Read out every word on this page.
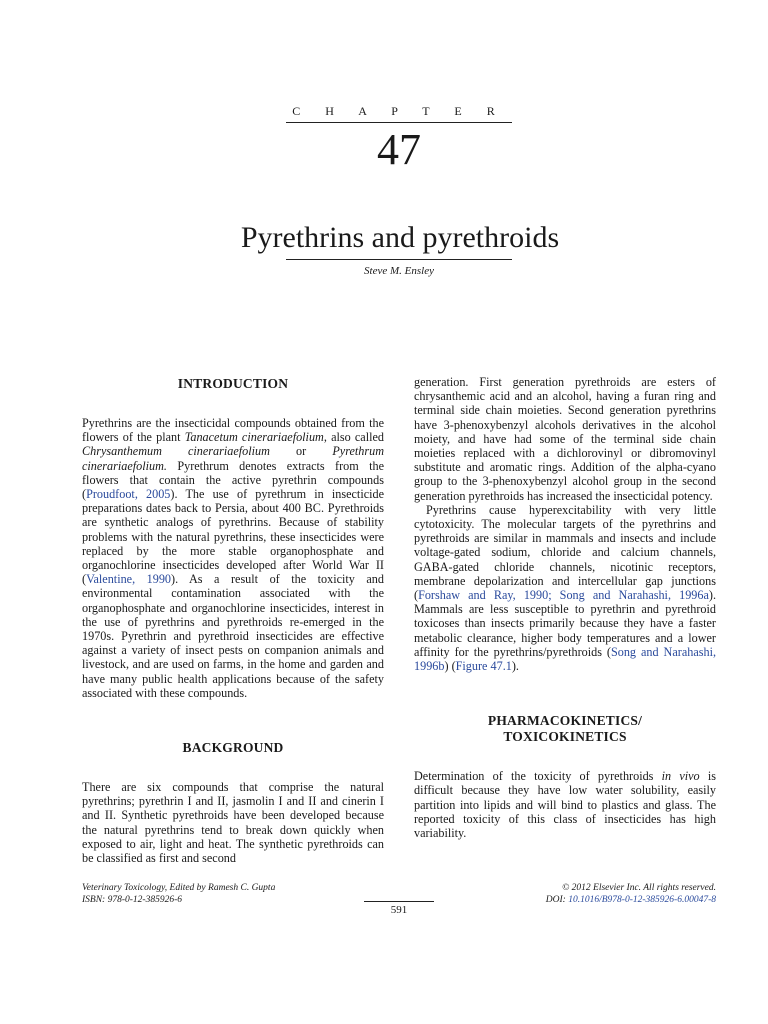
C H A P T E R
47
Pyrethrins and pyrethroids
Steve M. Ensley
INTRODUCTION

Pyrethrins are the insecticidal compounds obtained from the flowers of the plant Tanacetum cinerariaefolium, also called Chrysanthemum cinerariaefolium or Pyrethrum cinerariaefolium. Pyrethrum denotes extracts from the flowers that contain the active pyrethrin compounds (Proudfoot, 2005). The use of pyrethrum in insecticide preparations dates back to Persia, about 400 BC. Pyrethroids are synthetic analogs of pyrethrins. Because of stability problems with the natural pyrethrins, these insecticides were replaced by the more stable organophosphate and organochlorine insecticides developed after World War II (Valentine, 1990). As a result of the toxicity and environmental contamination associated with the organophosphate and organochlorine insecticides, interest in the use of pyrethrins and pyrethroids re-emerged in the 1970s. Pyrethrin and pyrethroid insecticides are effective against a variety of insect pests on companion animals and livestock, and are used on farms, in the home and garden and have many public health applications because of the safety associated with these compounds.

BACKGROUND

There are six compounds that comprise the natural pyrethrins; pyrethrin I and II, jasmolin I and II and cinerin I and II. Synthetic pyrethroids have been developed because the natural pyrethrins tend to break down quickly when exposed to air, light and heat. The synthetic pyrethroids can be classified as first and second

generation. First generation pyrethroids are esters of chrysanthemic acid and an alcohol, having a furan ring and terminal side chain moieties. Second generation pyrethrins have 3-phenoxybenzyl alcohols derivatives in the alcohol moiety, and have had some of the terminal side chain moieties replaced with a dichlorovinyl or dibromovinyl substitute and aromatic rings. Addition of the alpha-cyano group to the 3-phenoxybenzyl alcohol group in the second generation pyrethroids has increased the insecticidal potency.

Pyrethrins cause hyperexcitability with very little cytotoxicity. The molecular targets of the pyrethrins and pyrethroids are similar in mammals and insects and include voltage-gated sodium, chloride and calcium channels, GABA-gated chloride channels, nicotinic receptors, membrane depolarization and intercellular gap junctions (Forshaw and Ray, 1990; Song and Narahashi, 1996a). Mammals are less susceptible to pyrethrin and pyrethroid toxicoses than insects primarily because they have a faster metabolic clearance, higher body temperatures and a lower affinity for the pyrethrins/pyrethroids (Song and Narahashi, 1996b) (Figure 47.1).

PHARMACOKINETICS/
TOXICOKINETICS

Determination of the toxicity of pyrethroids in vivo is difficult because they have low water solubility, easily partition into lipids and will bind to plastics and glass. The reported toxicity of this class of insecticides has high variability.

Veterinary Toxicology, Edited by Ramesh C. Gupta
ISBN: 978-0-12-385926-6
© 2012 Elsevier Inc. All rights reserved.
DOI: 10.1016/B978-0-12-385926-6.00047-8
591
